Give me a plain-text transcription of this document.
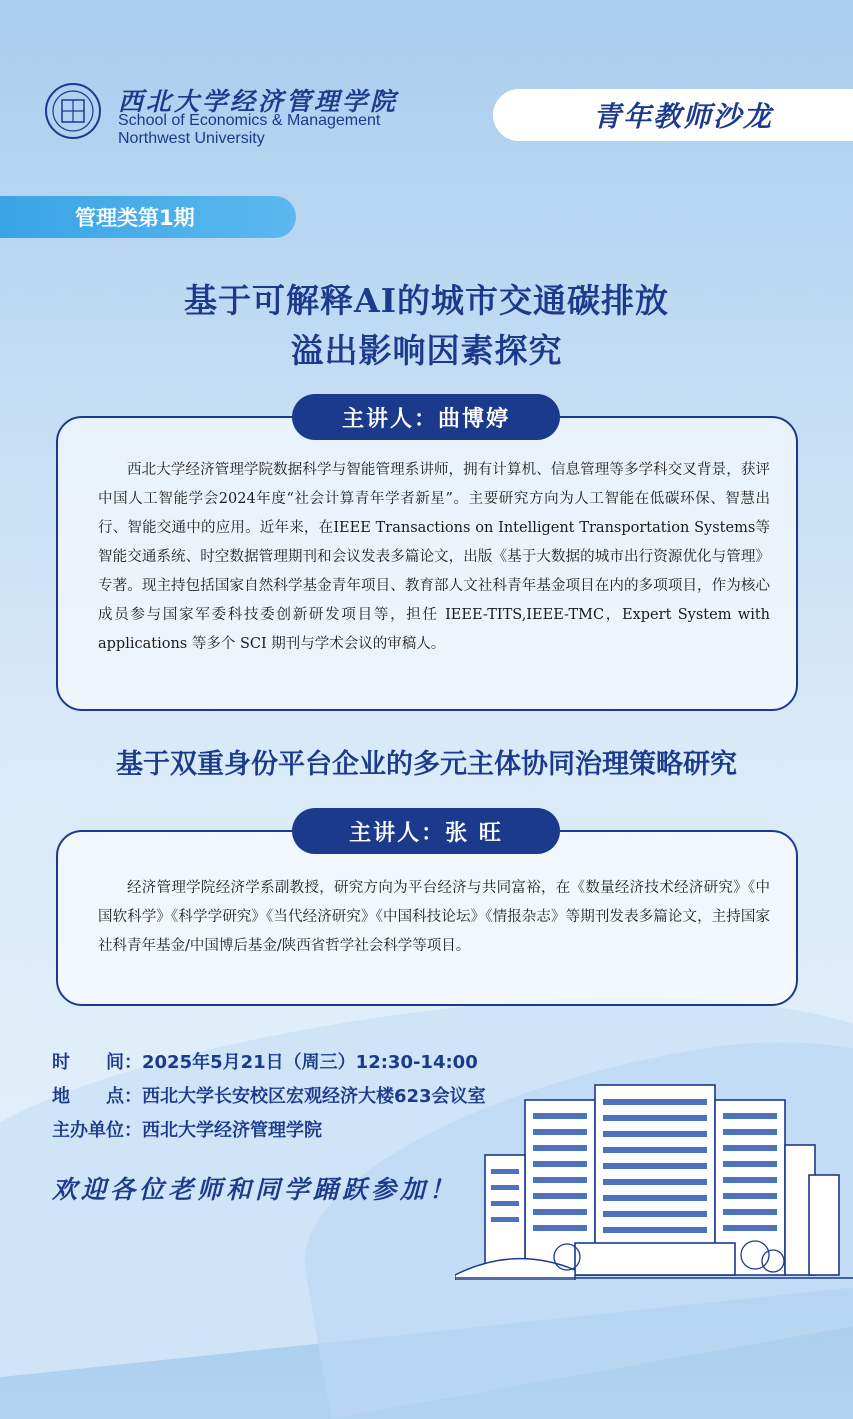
西北大学经济管理学院
School of Economics & Management
Northwest University
青年教师沙龙
管理类第1期
基于可解释AI的城市交通碳排放
溢出影响因素探究
主讲人：曲博婷

西北大学经济管理学院数据科学与智能管理系讲师，拥有计算机、信息管理等多学科交叉背景，获评中国人工智能学会2024年度“社会计算青年学者新星”。主要研究方向为人工智能在低碳环保、智慧出行、智能交通中的应用。近年来，在IEEE Transactions on Intelligent Transportation Systems等智能交通系统、时空数据管理期刊和会议发表多篇论文，出版《基于大数据的城市出行资源优化与管理》专著。现主持包括国家自然科学基金青年项目、教育部人文社科青年基金项目在内的多项项目，作为核心成员参与国家军委科技委创新研发项目等，担任 IEEE-TITS,IEEE-TMC，Expert System with applications 等多个 SCI 期刊与学术会议的审稿人。

基于双重身份平台企业的多元主体协同治理策略研究
主讲人：张 旺

经济管理学院经济学系副教授，研究方向为平台经济与共同富裕，在《数量经济技术经济研究》《中国软科学》《科学学研究》《当代经济研究》《中国科技论坛》《情报杂志》等期刊发表多篇论文，主持国家社科青年基金/中国博后基金/陕西省哲学社会科学等项目。

时　　间：2025年5月21日（周三）12:30-14:00
地　　点：西北大学长安校区宏观经济大楼623会议室
主办单位：西北大学经济管理学院
欢迎各位老师和同学踊跃参加！
